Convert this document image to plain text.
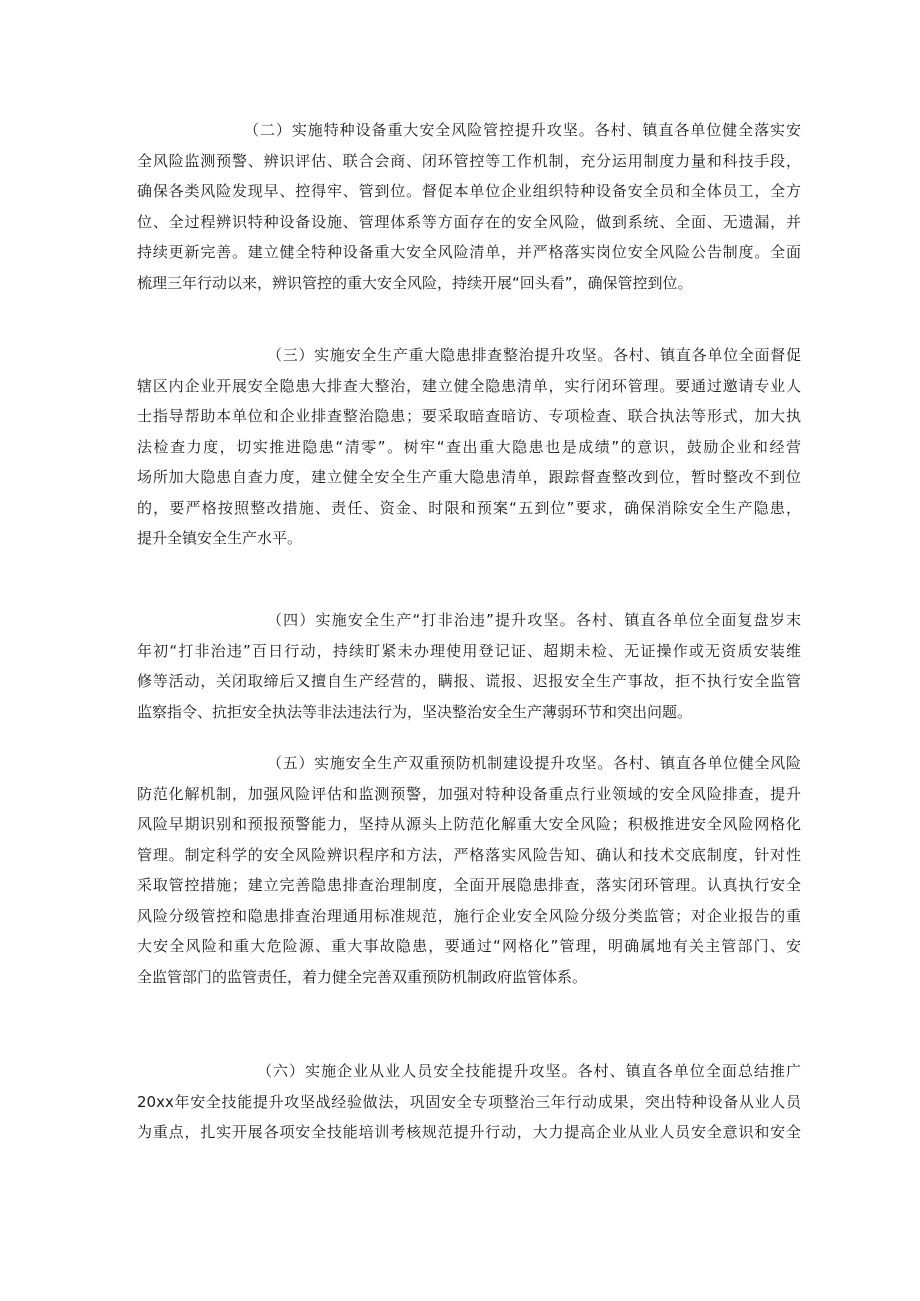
（二）实施特种设备重大安全风险管控提升攻坚。各村、镇直各单位健全落实安
全风险监测预警、辨识评估、联合会商、闭环管控等工作机制，充分运用制度力量和科技手段，
确保各类风险发现早、控得牢、管到位。督促本单位企业组织特种设备安全员和全体员工，全方
位、全过程辨识特种设备设施、管理体系等方面存在的安全风险，做到系统、全面、无遗漏，并
持续更新完善。建立健全特种设备重大安全风险清单，并严格落实岗位安全风险公告制度。全面
梳理三年行动以来，辨识管控的重大安全风险，持续开展“回头看”，确保管控到位。
（三）实施安全生产重大隐患排查整治提升攻坚。各村、镇直各单位全面督促
辖区内企业开展安全隐患大排查大整治，建立健全隐患清单，实行闭环管理。要通过邀请专业人
士指导帮助本单位和企业排查整治隐患；要采取暗查暗访、专项检查、联合执法等形式，加大执
法检查力度，切实推进隐患“清零”。树牢“查出重大隐患也是成绩”的意识，鼓励企业和经营
场所加大隐患自查力度，建立健全安全生产重大隐患清单，跟踪督查整改到位，暂时整改不到位
的，要严格按照整改措施、责任、资金、时限和预案“五到位”要求，确保消除安全生产隐患，
提升全镇安全生产水平。
（四）实施安全生产“打非治违”提升攻坚。各村、镇直各单位全面复盘岁末
年初“打非治违”百日行动，持续盯紧未办理使用登记证、超期未检、无证操作或无资质安装维
修等活动，关闭取缔后又擅自生产经营的，瞒报、谎报、迟报安全生产事故，拒不执行安全监管
监察指令、抗拒安全执法等非法违法行为，坚决整治安全生产薄弱环节和突出问题。
（五）实施安全生产双重预防机制建设提升攻坚。各村、镇直各单位健全风险
防范化解机制，加强风险评估和监测预警，加强对特种设备重点行业领域的安全风险排查，提升
风险早期识别和预报预警能力，坚持从源头上防范化解重大安全风险；积极推进安全风险网格化
管理。制定科学的安全风险辨识程序和方法，严格落实风险告知、确认和技术交底制度，针对性
采取管控措施；建立完善隐患排查治理制度，全面开展隐患排查，落实闭环管理。认真执行安全
风险分级管控和隐患排查治理通用标准规范，施行企业安全风险分级分类监管；对企业报告的重
大安全风险和重大危险源、重大事故隐患，要通过“网格化”管理，明确属地有关主管部门、安
全监管部门的监管责任，着力健全完善双重预防机制政府监管体系。
（六）实施企业从业人员安全技能提升攻坚。各村、镇直各单位全面总结推广
20xx年安全技能提升攻坚战经验做法，巩固安全专项整治三年行动成果，突出特种设备从业人员
为重点，扎实开展各项安全技能培训考核规范提升行动，大力提高企业从业人员安全意识和安全
